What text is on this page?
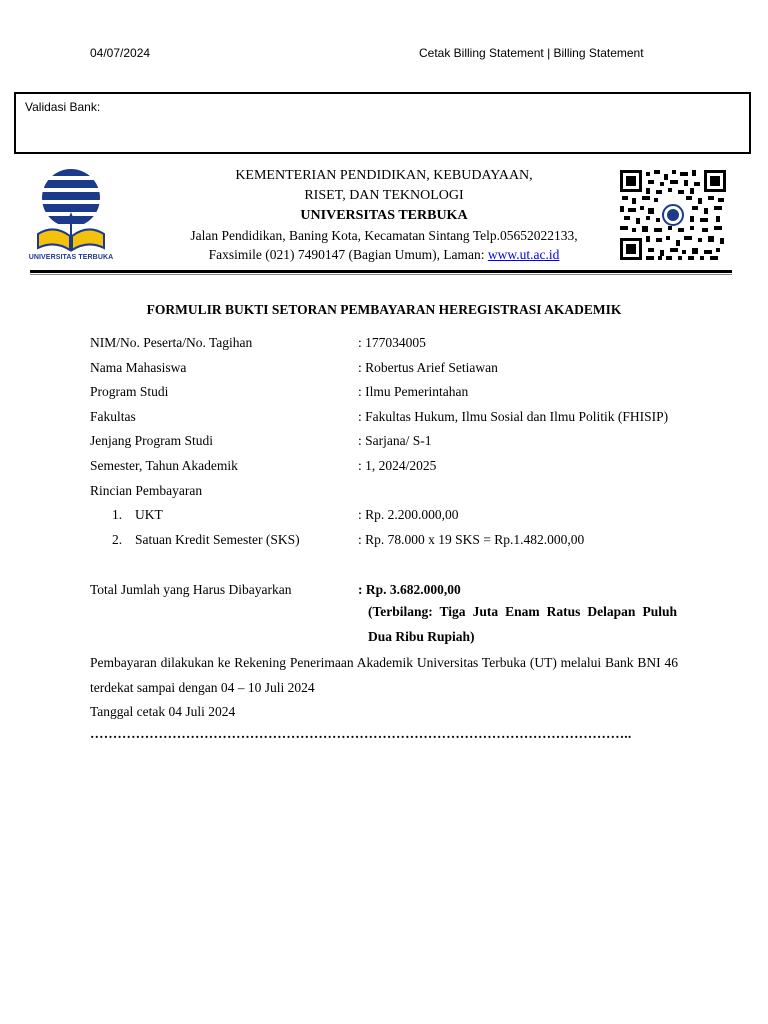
04/07/2024	Cetak Billing Statement | Billing Statement
Validasi Bank:
UNIVERSITAS TERBUKA
KEMENTERIAN PENDIDIKAN, KEBUDAYAAN,
RISET, DAN TEKNOLOGI
UNIVERSITAS TERBUKA
Jalan Pendidikan, Baning Kota, Kecamatan Sintang Telp.05652022133,
Faxsimile (021) 7490147 (Bagian Umum), Laman: www.ut.ac.id
FORMULIR BUKTI SETORAN PEMBAYARAN HEREGISTRASI AKADEMIK
NIM/No. Peserta/No. Tagihan	: 177034005
Nama Mahasiswa	: Robertus Arief Setiawan
Program Studi	: Ilmu Pemerintahan
Fakultas	: Fakultas Hukum, Ilmu Sosial dan Ilmu Politik (FHISIP)
Jenjang Program Studi	: Sarjana/ S-1
Semester, Tahun Akademik	: 1, 2024/2025
Rincian Pembayaran
1. UKT	: Rp. 2.200.000,00
2. Satuan Kredit Semester (SKS)	: Rp. 78.000 x 19 SKS = Rp.1.482.000,00
Total Jumlah yang Harus Dibayarkan	: Rp. 3.682.000,00
(Terbilang: Tiga Juta Enam Ratus Delapan Puluh Dua Ribu Rupiah)
Pembayaran dilakukan ke Rekening Penerimaan Akademik Universitas Terbuka (UT) melalui Bank BNI 46 terdekat sampai dengan 04 – 10 Juli 2024
Tanggal cetak 04 Juli 2024
………………………………………………………………………………………………………..
